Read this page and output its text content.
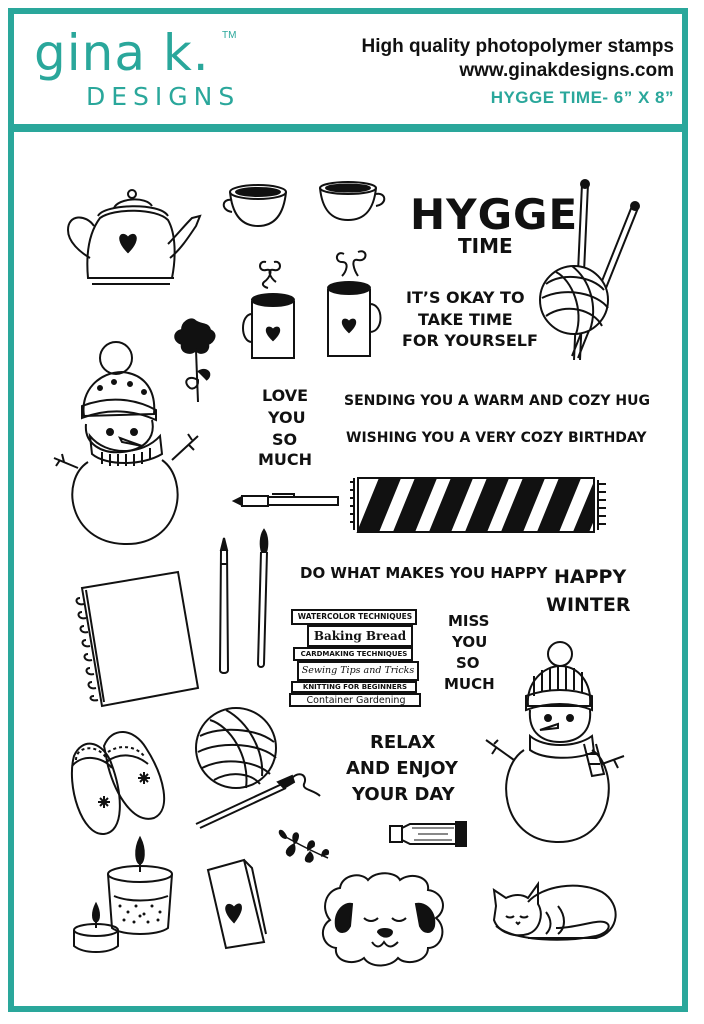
gina k. TM
DESIGNS
High quality photopolymer stamps
www.ginakdesigns.com
HYGGE TIME- 6” X 8”
HYGGE
TIME
IT’S OKAY TO
TAKE TIME
FOR YOURSELF
LOVE
YOU
SO
MUCH
SENDING YOU A WARM AND COZY HUG
WISHING YOU A VERY COZY BIRTHDAY
DO WHAT MAKES YOU HAPPY HAPPY
WINTER
WATERCOLOR TECHNIQUES
Baking Bread
CARDMAKING TECHNIQUES
Sewing Tips and Tricks
KNITTING FOR BEGINNERS
Container Gardening
MISS
YOU
SO
MUCH
RELAX
AND ENJOY
YOUR DAY
